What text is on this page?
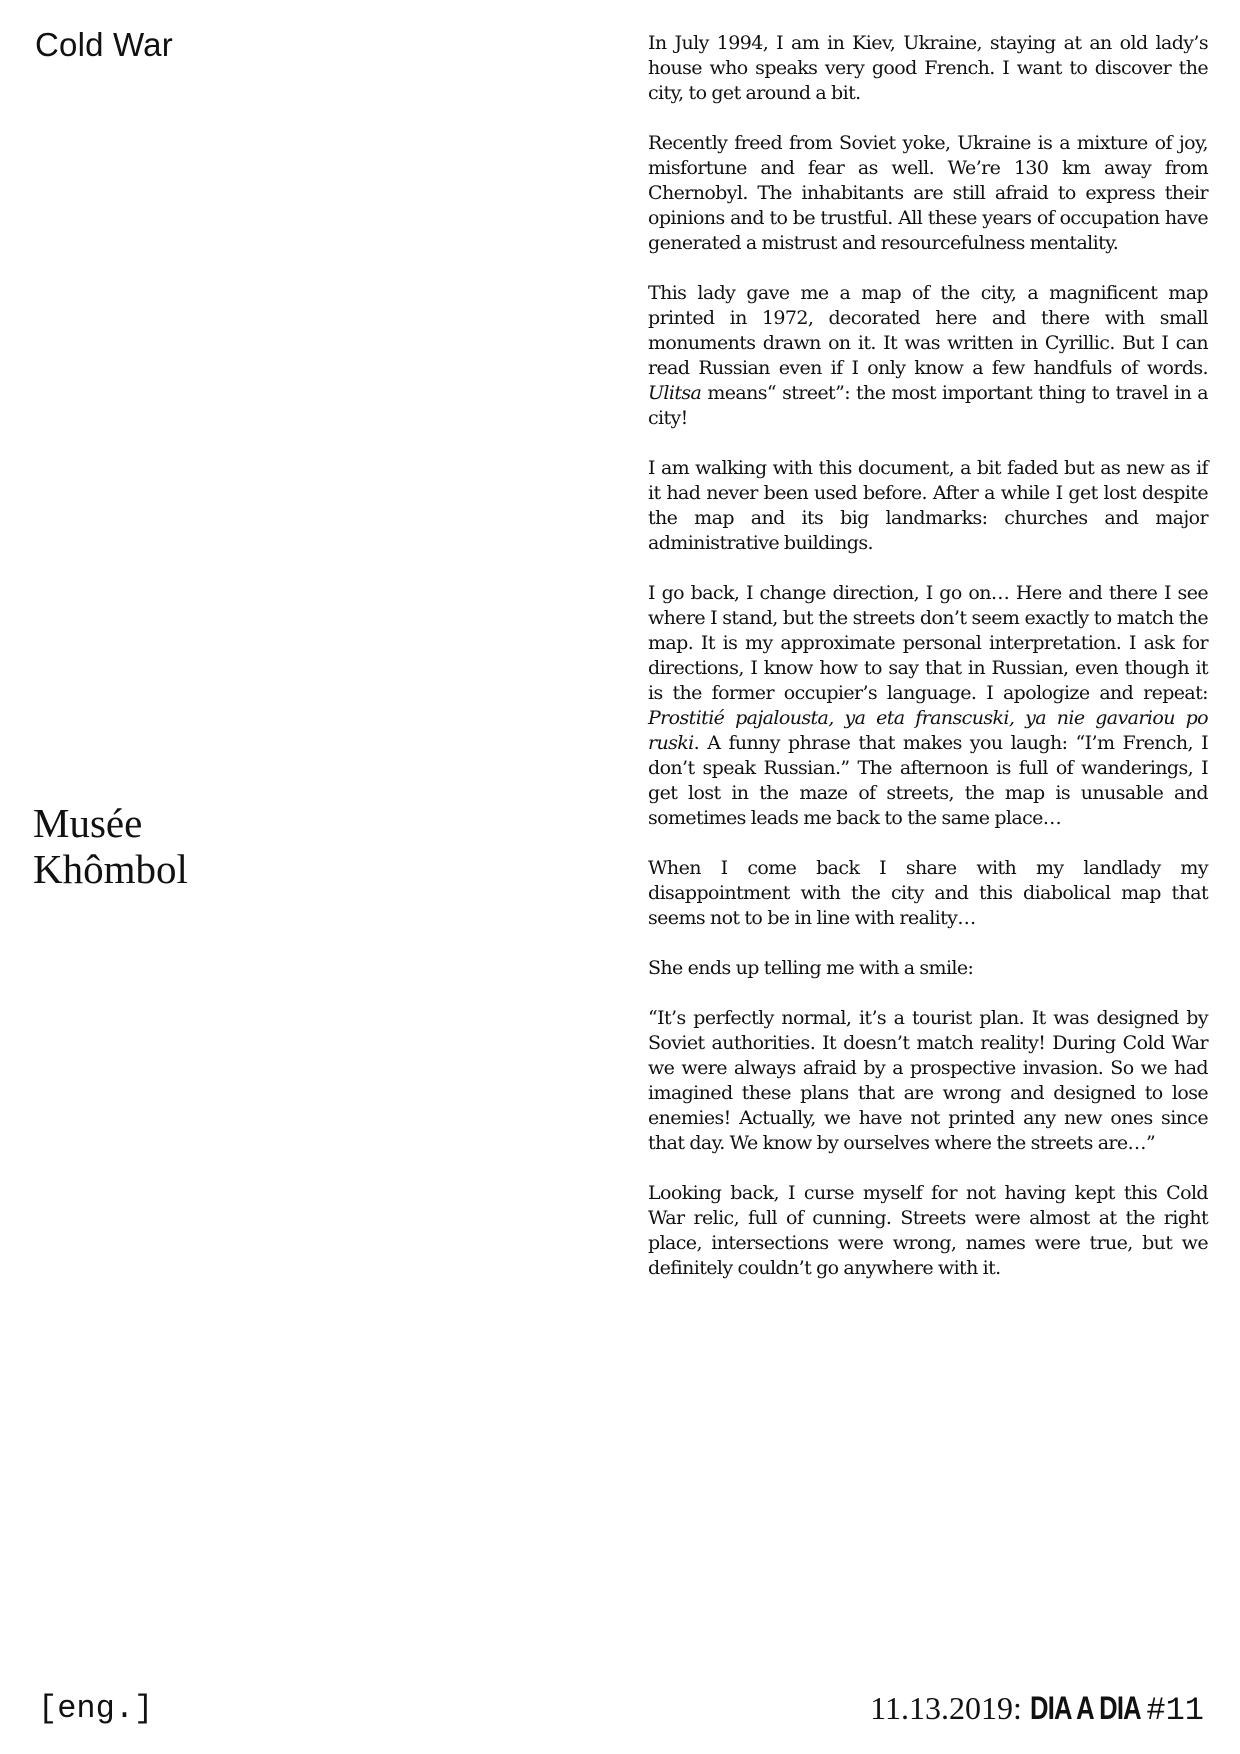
Cold War
Musée
Khômbol

In July 1994, I am in Kiev, Ukraine, staying at an old lady’s house who speaks very good French. I want to discover the city, to get around a bit.

Recently freed from Soviet yoke, Ukraine is a mixture of joy, misfortune and fear as well. We’re 130 km away from Chernobyl. The inhabitants are still afraid to express their opinions and to be trustful. All these years of occupation have generated a mistrust and resourcefulness mentality.

This lady gave me a map of the city, a magnificent map printed in 1972, decorated here and there with small monuments drawn on it. It was written in Cyrillic. But I can read Russian even if I only know a few handfuls of words. Ulitsa means“ street”: the most important thing to travel in a city!

I am walking with this document, a bit faded but as new as if it had never been used before. After a while I get lost despite the map and its big landmarks: churches and major administrative buildings.

I go back, I change direction, I go on… Here and there I see where I stand, but the streets don’t seem exactly to match the map. It is my approximate personal interpretation. I ask for directions, I know how to say that in Russian, even though it is the former occupier’s language. I apologize and repeat: Prostitié pajalousta, ya eta franscuski, ya nie gavariou po ruski. A funny phrase that makes you laugh: “I’m French, I don’t speak Russian.” The afternoon is full of wanderings, I get lost in the maze of streets, the map is unusable and sometimes leads me back to the same place…

When I come back I share with my landlady my disappointment with the city and this diabolical map that seems not to be in line with reality…

She ends up telling me with a smile:

“It’s perfectly normal, it’s a tourist plan. It was designed by Soviet authorities. It doesn’t match reality! During Cold War we were always afraid by a prospective invasion. So we had imagined these plans that are wrong and designed to lose enemies! Actually, we have not printed any new ones since that day. We know by ourselves where the streets are…”

Looking back, I curse myself for not having kept this Cold War relic, full of cunning. Streets were almost at the right place, intersections were wrong, names were true, but we definitely couldn’t go anywhere with it.

[eng.]	11.13.2019: DIA A DIA #11
